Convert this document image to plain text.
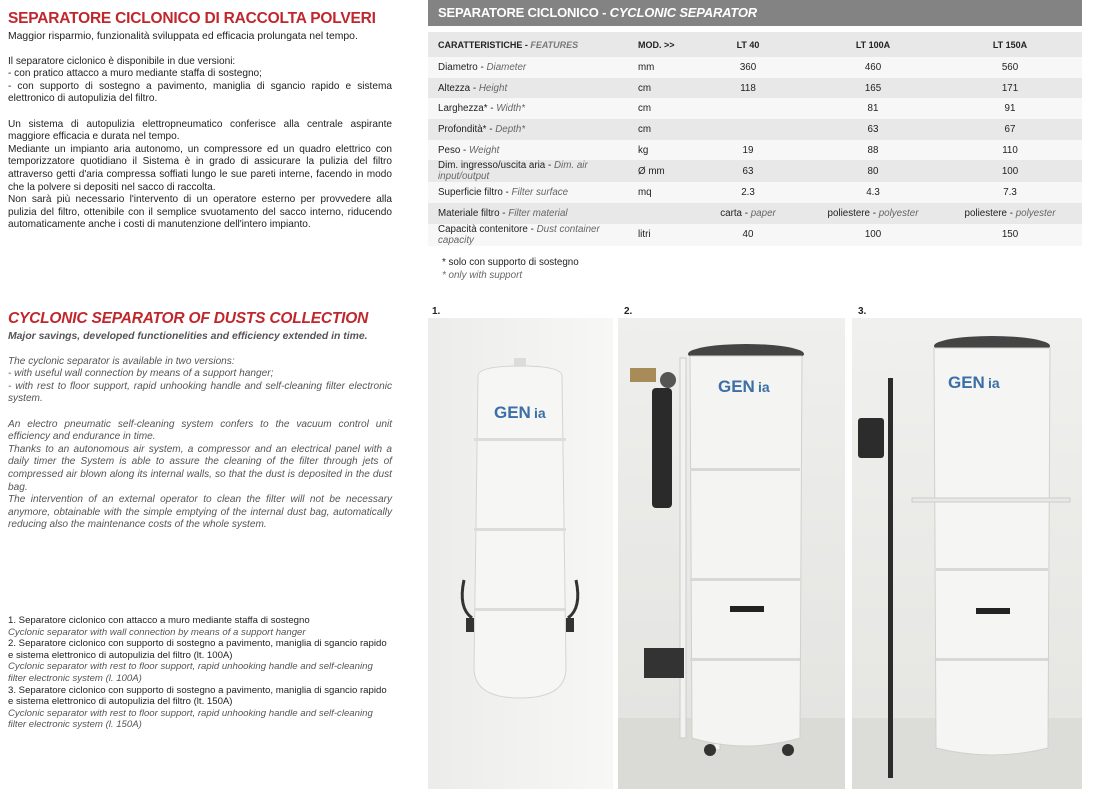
SEPARATORE CICLONICO DI RACCOLTA POLVERI

Maggior risparmio, funzionalità sviluppata ed efficacia prolungata nel tempo.

Il separatore ciclonico è disponibile in due versioni:

- con pratico attacco a muro mediante staffa di sostegno;

- con supporto di sostegno a pavimento, maniglia di sgancio rapido e sistema elettronico di autopulizia del filtro.

Un sistema di autopulizia elettropneumatico conferisce alla centrale aspirante maggiore efficacia e durata nel tempo.

Mediante un impianto aria autonomo, un compressore ed un quadro elettrico con temporizzatore quotidiano il Sistema è in grado di assicurare la pulizia del filtro attraverso getti d'aria compressa soffiati lungo le sue pareti interne, facendo in modo che la polvere si depositi nel sacco di raccolta.

Non sarà più necessario l'intervento di un operatore esterno per provvedere alla pulizia del filtro, ottenibile con il semplice svuotamento del sacco interno, riducendo automaticamente anche i costi di manutenzione dell'intero impianto.

CYCLONIC SEPARATOR OF DUSTS COLLECTION

Major savings, developed functionelities and efficiency extended in time.

The cyclonic separator is available in two versions:

- with useful wall connection by means of a support hanger;

- with rest to floor support, rapid unhooking handle and self-cleaning filter electronic system.

An electro pneumatic self-cleaning system confers to the vacuum control unit efficiency and endurance in time.

Thanks to an autonomous air system, a compressor and an electrical panel with a daily timer the System is able to assure the cleaning of the filter through jets of compressed air blown along its internal walls, so that the dust is deposited in the dust bag.

The intervention of an external operator to clean the filter will not be necessary anymore, obtainable with the simple emptying of the internal dust bag, automatically reducing also the maintenance costs of the whole system.

1. Separatore ciclonico con attacco a muro mediante staffa di sostegno

Cyclonic separator with wall connection by means of a support hanger

2. Separatore ciclonico con supporto di sostegno a pavimento, maniglia di sgancio rapido e sistema elettronico di autopulizia del filtro (lt. 100A)

Cyclonic separator with rest to floor support, rapid unhooking handle and self-cleaning filter electronic system (l. 100A)

3. Separatore ciclonico con supporto di sostegno a pavimento, maniglia di sgancio rapido e sistema elettronico di autopulizia del filtro (lt. 150A)

Cyclonic separator with rest to floor support, rapid unhooking handle and self-cleaning filter electronic system (l. 150A)

SEPARATORE CICLONICO - CYCLONIC SEPARATOR
CARATTERISTICHE - FEATURES	MOD. >>	LT 40	LT 100A	LT 150A
Diametro - Diameter	mm	360	460	560
Altezza - Height	cm	118	165	171
Larghezza* - Width*	cm		81	91
Profondità* - Depth*	cm		63	67
Peso - Weight	kg	19	88	110
Dim. ingresso/uscita aria - Dim. air input/output	Ø mm	63	80	100
Superficie filtro - Filter surface	mq	2.3	4.3	7.3
Materiale filtro - Filter material		carta - paper	poliestere - polyester	poliestere - polyester
Capacità contenitore - Dust container capacity	litri	40	100	150
* solo con supporto di sostegno
* only with support
1.	2.	3.
GEN ia
GEN ia	GEN ia
